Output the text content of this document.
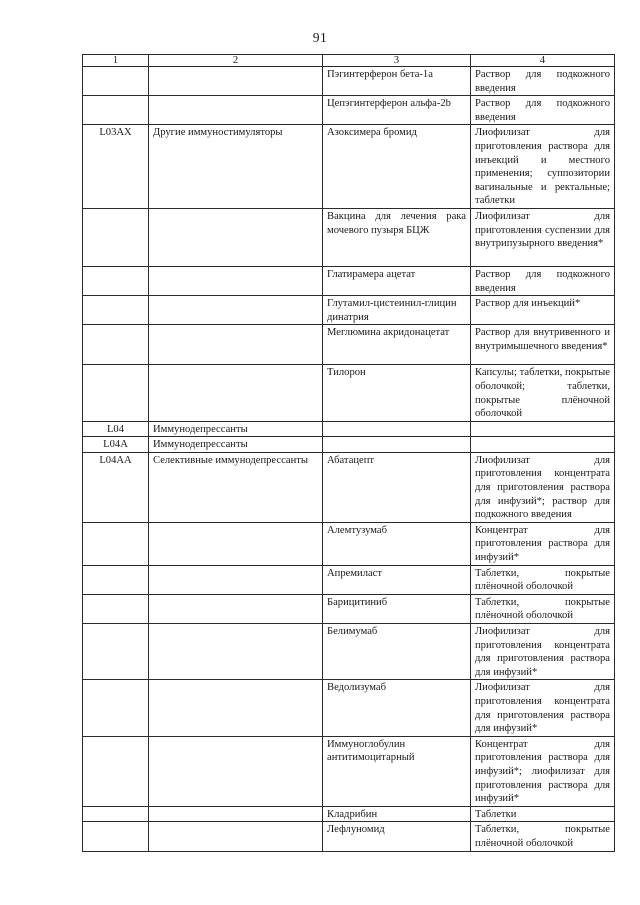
91
1	2	3	4
		Пэгинтерферон бета-1а	Раствор для подкожного введения
		Цепэгинтерферон альфа-2b	Раствор для подкожного введения
L03AX	Другие иммуностимуляторы	Азоксимера бромид	Лиофилизат для приготовления раствора для инъекций и местного применения; суппозитории вагинальные и ректальные; таблетки
		Вакцина для лечения рака мочевого пузыря БЦЖ	Лиофилизат для приготовления суспензии для внутрипузырного введения*
		Глатирамера ацетат	Раствор для подкожного введения
		Глутамил-цистеинил-глицин динатрия	Раствор для инъекций*
		Меглюмина акридонацетат	Раствор для внутривенного и внутримышечного введения*
		Тилорон	Капсулы; таблетки, покрытые оболочкой; таблетки, покрытые плёночной оболочкой
L04	Иммунодепрессанты		
L04A	Иммунодепрессанты		
L04AA	Селективные иммунодепрессанты	Абатацепт	Лиофилизат для приготовления концентрата для приготовления раствора для инфузий*; раствор для подкожного введения
		Алемтузумаб	Концентрат для приготовления раствора для инфузий*
		Апремиласт	Таблетки, покрытые плёночной оболочкой
		Барицитиниб	Таблетки, покрытые плёночной оболочкой
		Белимумаб	Лиофилизат для приготовления концентрата для приготовления раствора для инфузий*
		Ведолизумаб	Лиофилизат для приготовления концентрата для приготовления раствора для инфузий*
		Иммуноглобулин антитимоцитарный	Концентрат для приготовления раствора для инфузий*; лиофилизат для приготовления раствора для инфузий*
		Кладрибин	Таблетки
		Лефлуномид	Таблетки, покрытые плёночной оболочкой
